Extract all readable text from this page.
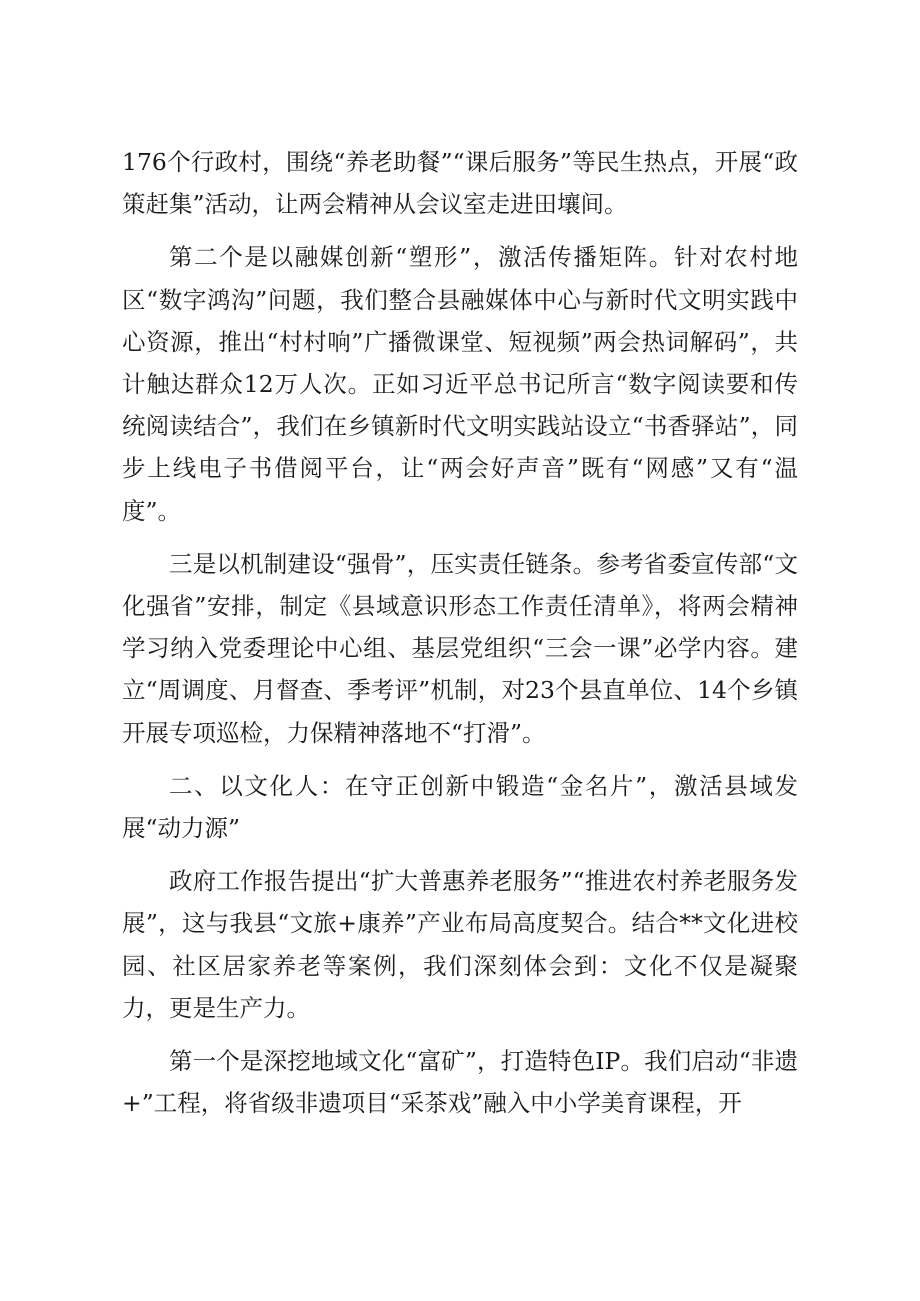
176个行政村，围绕“养老助餐”“课后服务”等民生热点，开展“政策赶集”活动，让两会精神从会议室走进田壤间。

第二个是以融媒创新“塑形”，激活传播矩阵。针对农村地区“数字鸿沟”问题，我们整合县融媒体中心与新时代文明实践中心资源，推出“村村响”广播微课堂、短视频”两会热词解码”，共计触达群众12万人次。正如习近平总书记所言“数字阅读要和传统阅读结合”，我们在乡镇新时代文明实践站设立“书香驿站”，同步上线电子书借阅平台，让“两会好声音”既有“网感”又有“温度”。

三是以机制建设“强骨”，压实责任链条。参考省委宣传部“文化强省”安排，制定《县域意识形态工作责任清单》，将两会精神学习纳入党委理论中心组、基层党组织“三会一课”必学内容。建立“周调度、月督查、季考评”机制，对23个县直单位、14个乡镇开展专项巡检，力保精神落地不“打滑”。

二、以文化人：在守正创新中锻造“金名片”，激活县域发展“动力源”

政府工作报告提出“扩大普惠养老服务”“推进农村养老服务发展”，这与我县“文旅+康养”产业布局高度契合。结合**文化进校园、社区居家养老等案例，我们深刻体会到：文化不仅是凝聚力，更是生产力。

第一个是深挖地域文化“富矿”，打造特色IP。我们启动“非遗+”工程，将省级非遗项目“采茶戏”融入中小学美育课程，开
